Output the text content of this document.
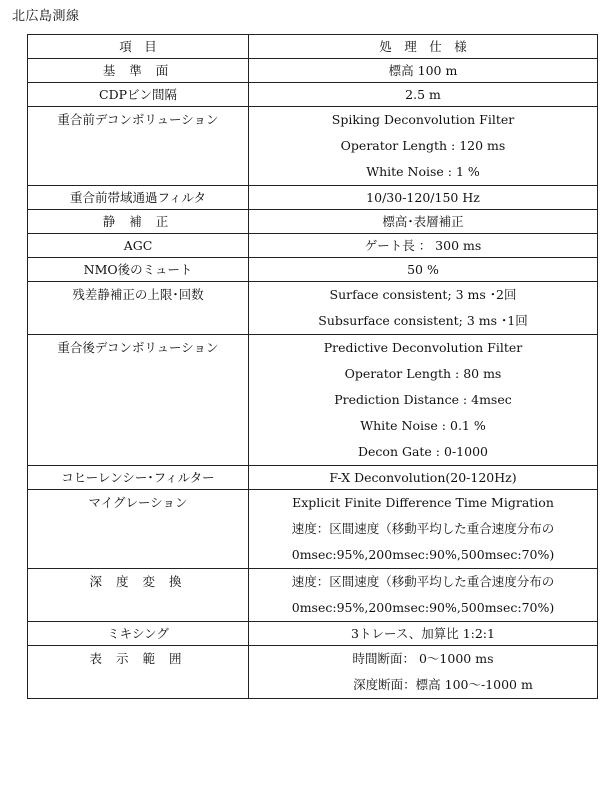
北広島測線
項　目	処　理　仕　様

基 準 面	標高 100 m

CDPビン間隔	2.5 m

重合前デコンボリューション	Spiking Deconvolution Filter
Operator Length : 120 ms
White Noise : 1 %

重合前帯域通過フィルタ	10/30-120/150 Hz

静 補 正	標高･表層補正

AGC	ゲート長 ： 300 ms

NMO後のミュート	50 %

残差静補正の上限･回数	Surface consistent; 3 ms ･2回
Subsurface consistent; 3 ms ･1回

重合後デコンボリューション	Predictive Deconvolution Filter
Operator Length : 80 ms
Prediction Distance : 4msec
White Noise : 0.1 %
Decon Gate : 0-1000

コヒーレンシー･フィルター	F-X Deconvolution(20-120Hz)

マイグレーション	Explicit Finite Difference Time Migration
速度：区間速度（移動平均した重合速度分布の
0msec:95%,200msec:90%,500msec:70%)

深 度 変 換	速度：区間速度（移動平均した重合速度分布の
0msec:95%,200msec:90%,500msec:70%)

ミキシング	3トレース、加算比 1:2:1

表 示 範 囲	時間断面： 0～1000 ms
深度断面：標高 100～-1000 m
